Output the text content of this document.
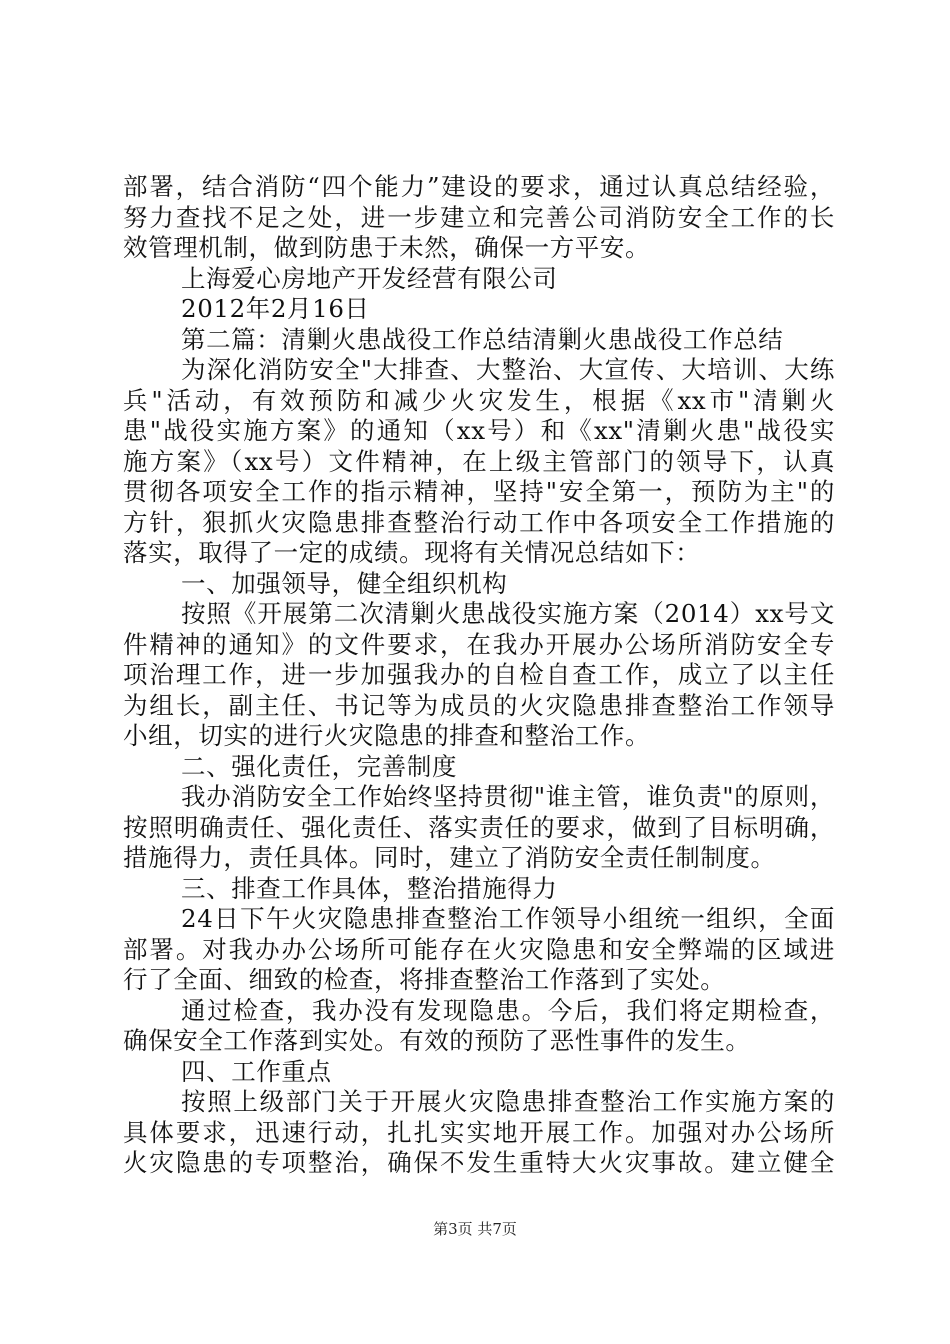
部署，结合消防“四个能力”建设的要求，通过认真总结经验，
努力查找不足之处，进一步建立和完善公司消防安全工作的长
效管理机制，做到防患于未然，确保一方平安。
上海爱心房地产开发经营有限公司
2012年2月16日
第二篇：清剿火患战役工作总结清剿火患战役工作总结
为深化消防安全"大排查、大整治、大宣传、大培训、大练
兵"活动，有效预防和减少火灾发生，根据《xx市"清剿火
患"战役实施方案》的通知（xx号）和《xx"清剿火患"战役实
施方案》（xx号）文件精神，在上级主管部门的领导下，认真
贯彻各项安全工作的指示精神，坚持"安全第一，预防为主"的
方针，狠抓火灾隐患排查整治行动工作中各项安全工作措施的
落实，取得了一定的成绩。现将有关情况总结如下：
一、加强领导，健全组织机构
按照《开展第二次清剿火患战役实施方案（2014）xx号文
件精神的通知》的文件要求，在我办开展办公场所消防安全专
项治理工作，进一步加强我办的自检自查工作，成立了以主任
为组长，副主任、书记等为成员的火灾隐患排查整治工作领导
小组，切实的进行火灾隐患的排查和整治工作。
二、强化责任，完善制度
我办消防安全工作始终坚持贯彻"谁主管，谁负责"的原则，
按照明确责任、强化责任、落实责任的要求，做到了目标明确，
措施得力，责任具体。同时，建立了消防安全责任制制度。
三、排查工作具体，整治措施得力
24日下午火灾隐患排查整治工作领导小组统一组织，全面
部署。对我办办公场所可能存在火灾隐患和安全弊端的区域进
行了全面、细致的检查，将排查整治工作落到了实处。
通过检查，我办没有发现隐患。今后，我们将定期检查，
确保安全工作落到实处。有效的预防了恶性事件的发生。
四、工作重点
按照上级部门关于开展火灾隐患排查整治工作实施方案的
具体要求，迅速行动，扎扎实实地开展工作。加强对办公场所
火灾隐患的专项整治，确保不发生重特大火灾事故。建立健全
第3页 共7页
